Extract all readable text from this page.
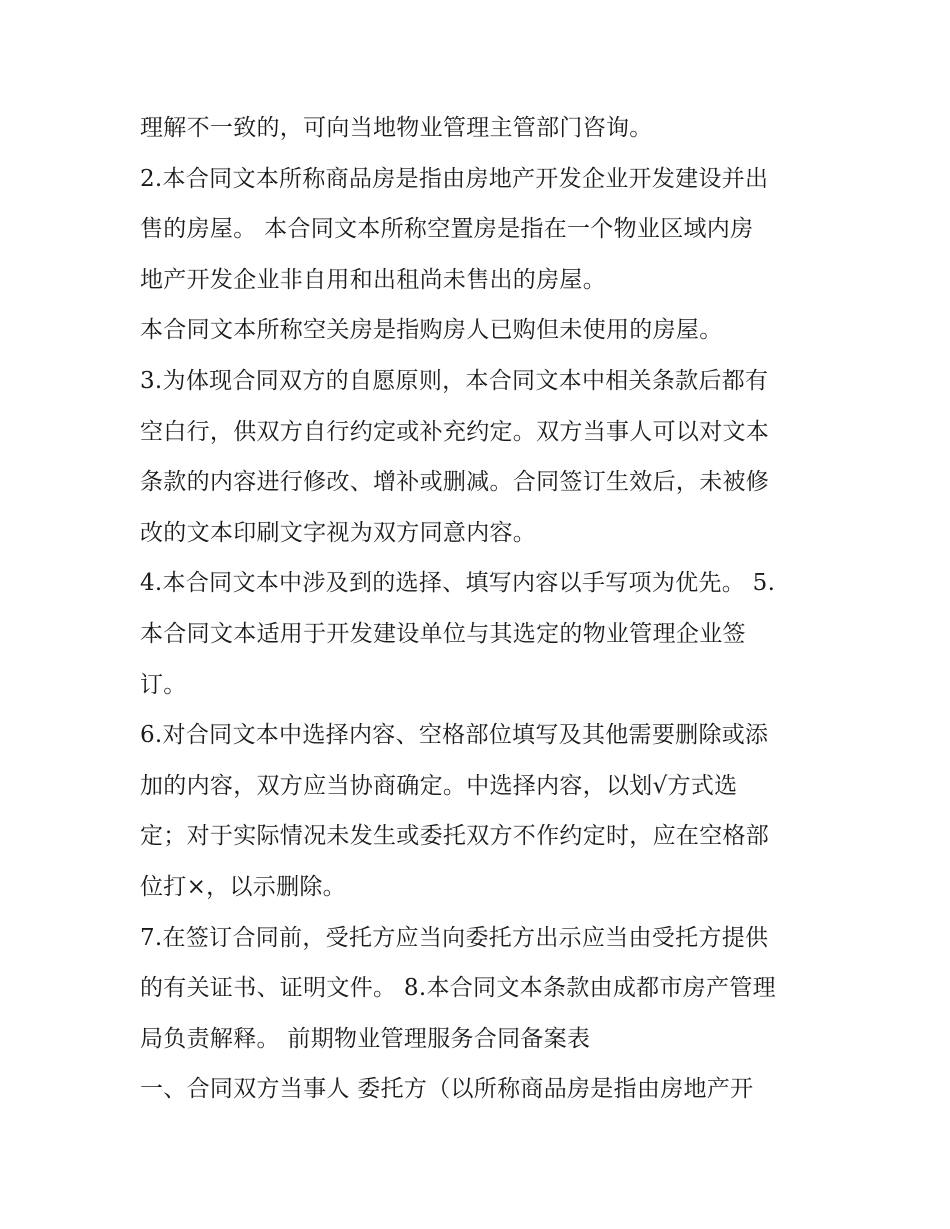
理解不一致的，可向当地物业管理主管部门咨询。
2.本合同文本所称商品房是指由房地产开发企业开发建设并出
售的房屋。 本合同文本所称空置房是指在一个物业区域内房
地产开发企业非自用和出租尚未售出的房屋。
本合同文本所称空关房是指购房人已购但未使用的房屋。
3.为体现合同双方的自愿原则，本合同文本中相关条款后都有
空白行，供双方自行约定或补充约定。双方当事人可以对文本
条款的内容进行修改、增补或删减。合同签订生效后，未被修
改的文本印刷文字视为双方同意内容。
4.本合同文本中涉及到的选择、填写内容以手写项为优先。 5.
本合同文本适用于开发建设单位与其选定的物业管理企业签
订。
6.对合同文本中选择内容、空格部位填写及其他需要删除或添
加的内容，双方应当协商确定。中选择内容，以划√方式选
定；对于实际情况未发生或委托双方不作约定时，应在空格部
位打×，以示删除。
7.在签订合同前，受托方应当向委托方出示应当由受托方提供
的有关证书、证明文件。 8.本合同文本条款由成都市房产管理
局负责解释。 前期物业管理服务合同备案表
一、合同双方当事人 委托方（以所称商品房是指由房地产开
